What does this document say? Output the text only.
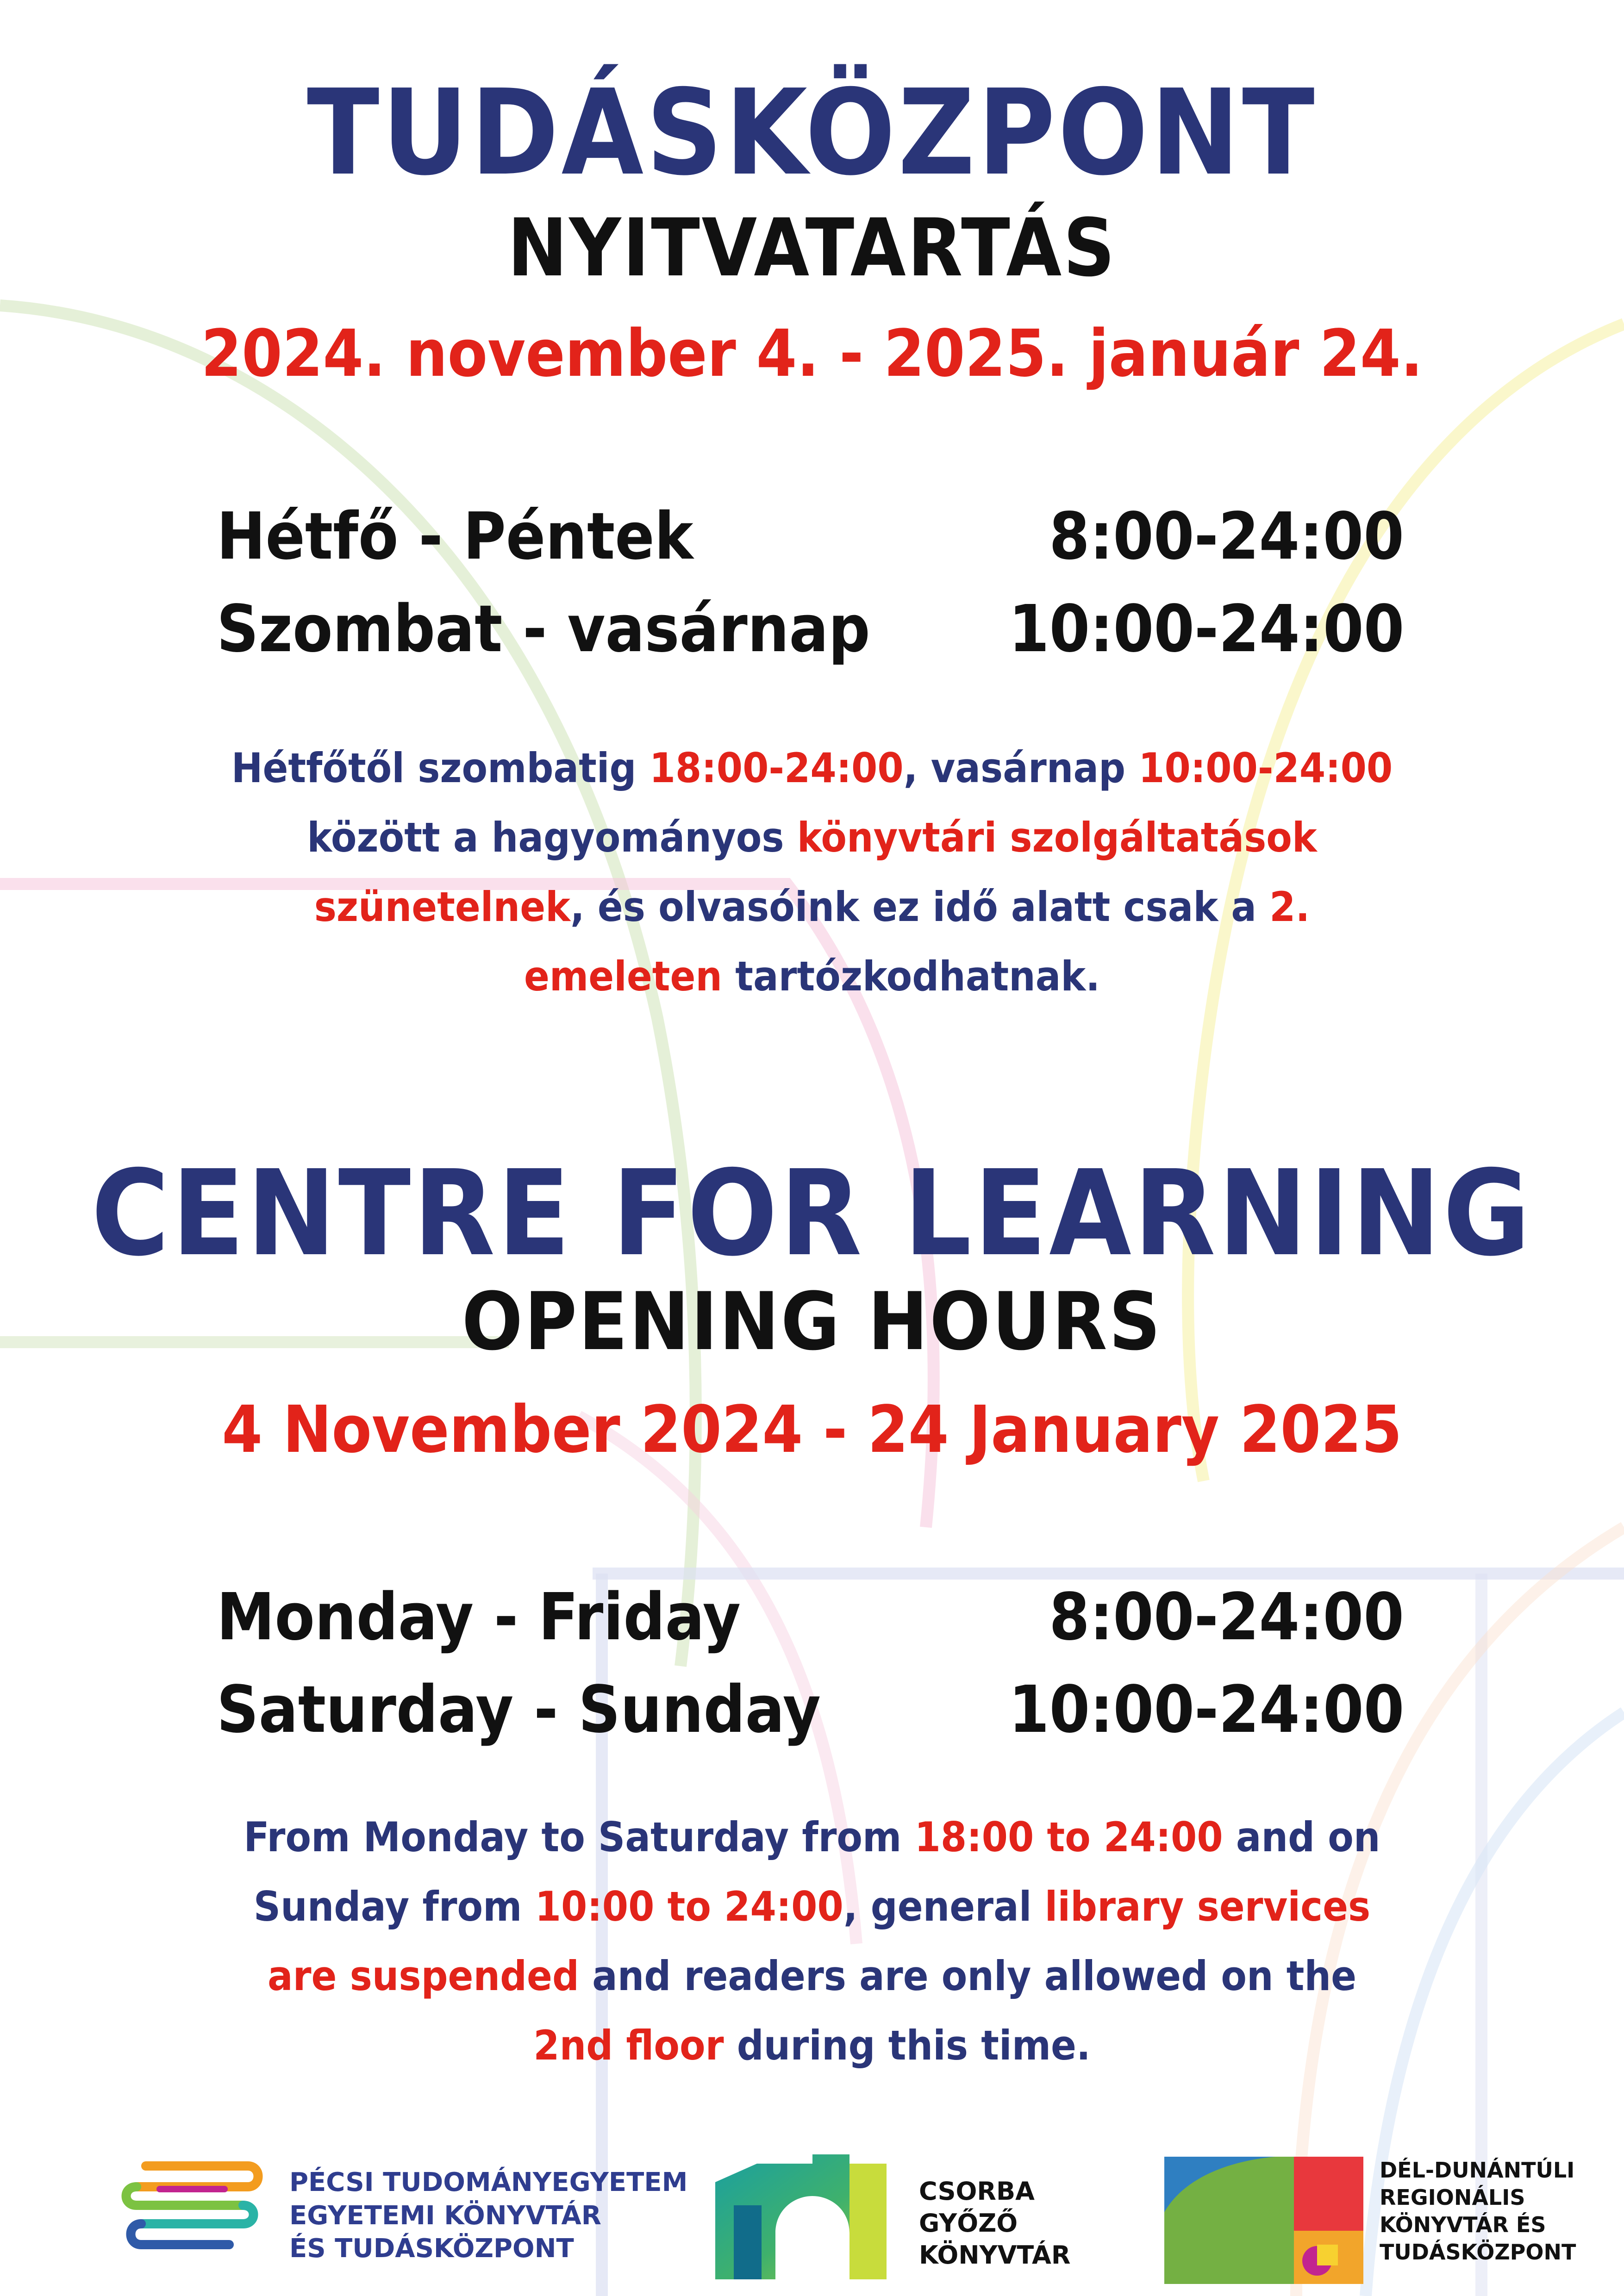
TUDÁSKÖZPONT
NYITVATARTÁS

2024. november 4. - 2025. január 24.

Hétfő - Péntek	8:00-24:00

Szombat - vasárnap 10:00-24:00

Hétfőtől szombatig 18:00-24:00, vasárnap 10:00-24:00 között a hagyományos könyvtári szolgáltatások szünetelnek, és olvasóink ez idő alatt csak a 2. emeleten tartózkodhatnak.

CENTRE FOR LEARNING
OPENING HOURS

4 November 2024 - 24 January 2025

Monday - Friday	8:00-24:00

Saturday - Sunday	10:00-24:00

From Monday to Saturday from 18:00 to 24:00 and on Sunday from 10:00 to 24:00, general library services are suspended and readers are only allowed on the 2nd floor during this time.

PÉCSI TUDOMÁNYEGYETEM
EGYETEMI KÖNYVTÁR
ÉS TUDÁSKÖZPONT
CSORBA
GYŐZŐ
KÖNYVTÁR
DÉL-DUNÁNTÚLI
REGIONÁLIS
KÖNYVTÁR ÉS
TUDÁSKÖZPONT
